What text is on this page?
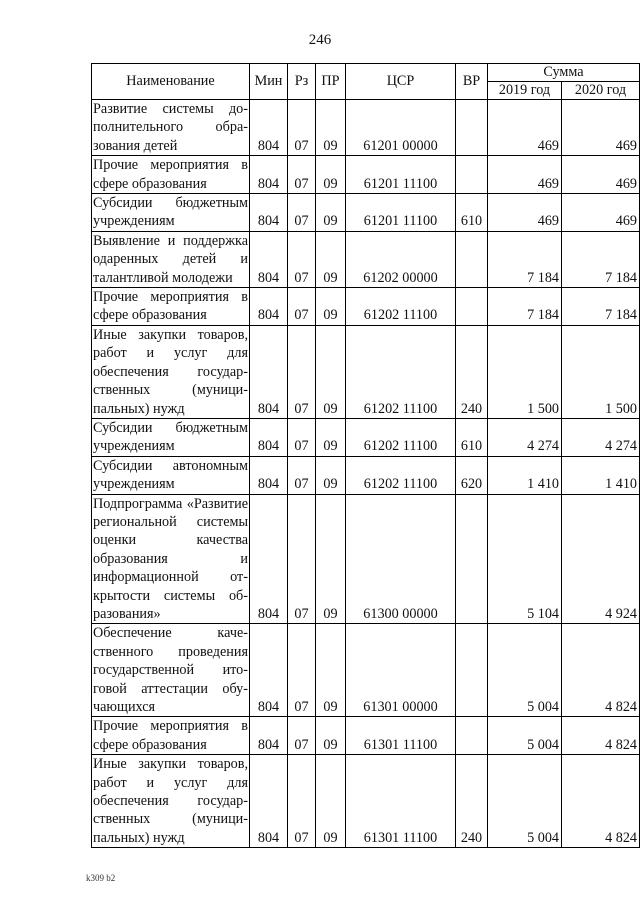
246
Наименование	Мин	Рз	ПР	ЦСР	ВР	Сумма	
						2019 год	2020 год
Развитие системы дополнительного образования детей	804	07	09	61201 00000		469	469
Прочие мероприятия в сфере образования	804	07	09	61201 11100		469	469
Субсидии бюджетным учреждениям	804	07	09	61201 11100	610	469	469
Выявление и поддержка одаренных детей и талантливой молодежи	804	07	09	61202 00000		7 184	7 184
Прочие мероприятия в сфере образования	804	07	09	61202 11100		7 184	7 184
Иные закупки товаров, работ и услуг для обеспечения государственных (муниципальных) нужд	804	07	09	61202 11100	240	1 500	1 500
Субсидии бюджетным учреждениям	804	07	09	61202 11100	610	4 274	4 274
Субсидии автономным учреждениям	804	07	09	61202 11100	620	1 410	1 410
Подпрограмма «Развитие региональной системы оценки качества образования и информационной открытости системы образования»	804	07	09	61300 00000		5 104	4 924
Обеспечение качественного проведения государственной итоговой аттестации обучающихся	804	07	09	61301 00000		5 004	4 824
Прочие мероприятия в сфере образования	804	07	09	61301 11100		5 004	4 824
Иные закупки товаров, работ и услуг для обеспечения государственных (муниципальных) нужд	804	07	09	61301 11100	240	5 004	4 824
k309 b2
